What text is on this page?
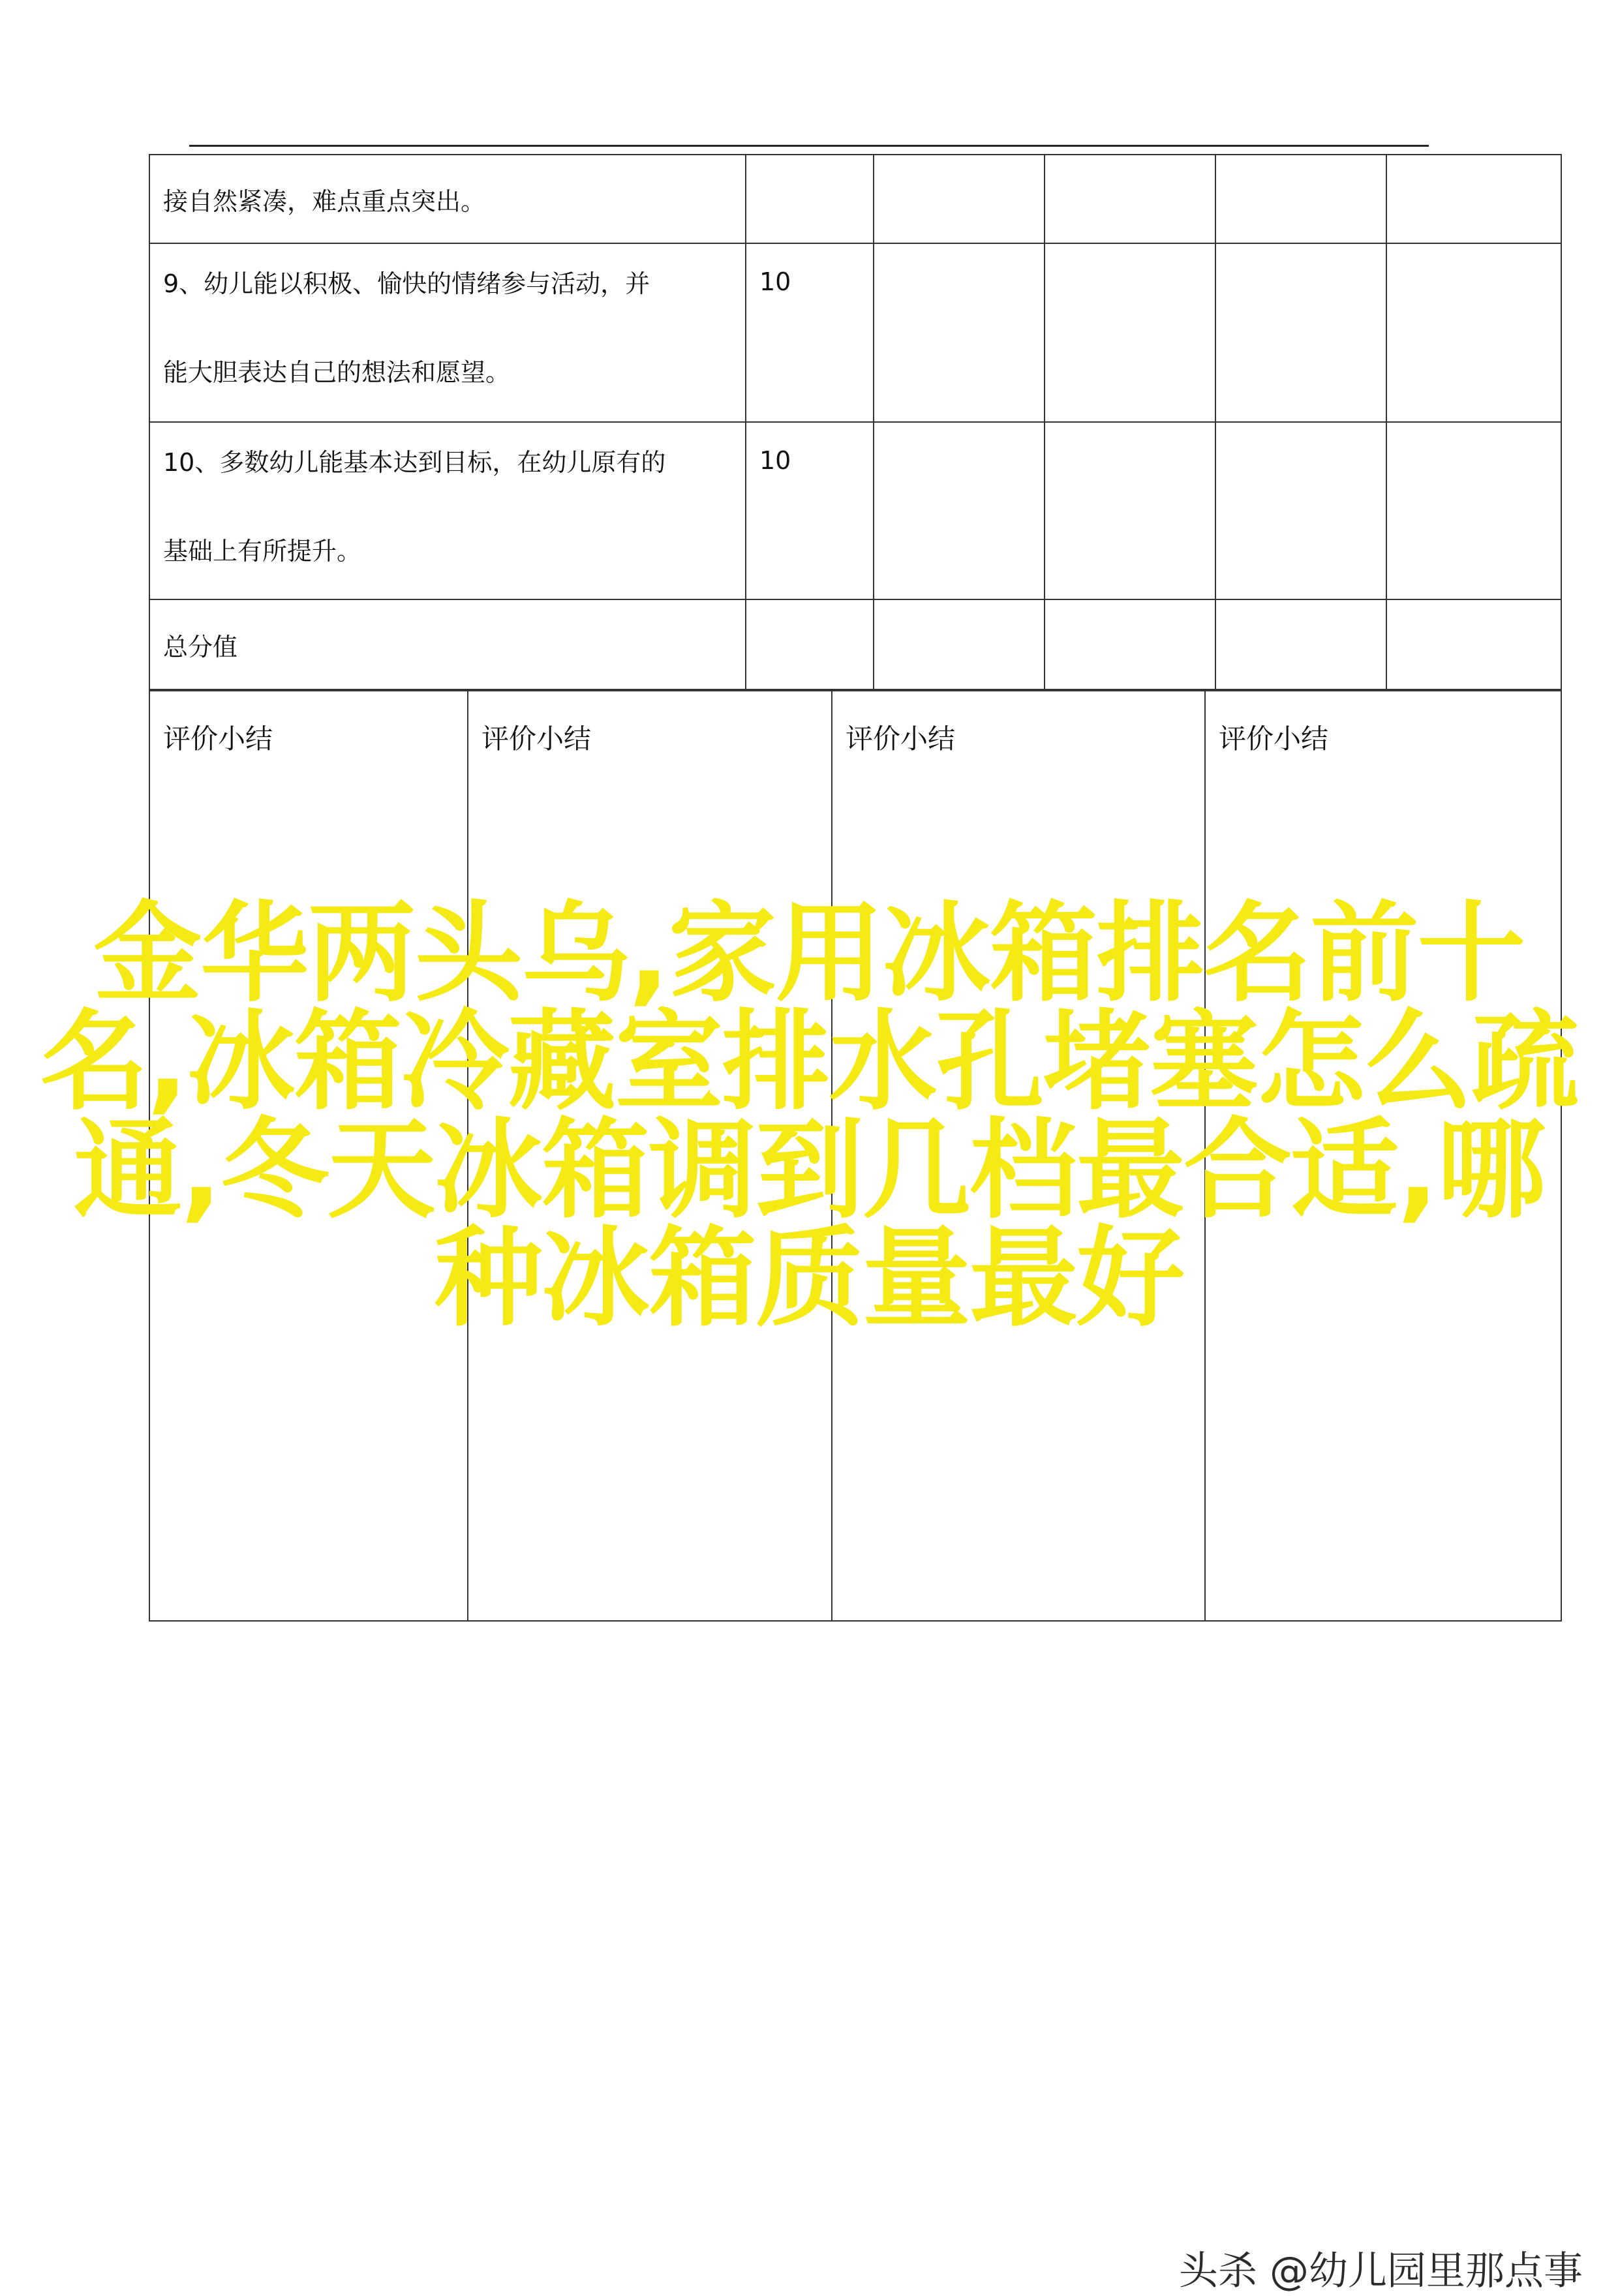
接自然紧凑，难点重点突出。					

9、幼儿能以积极、愉快的情绪参与活动，并
能大胆表达自己的想法和愿望。	10				

10、多数幼儿能基本达到目标，在幼儿原有的
基础上有所提升。	10				
总分值					
评价小结	评价小结	评价小结	评价小结
金华两头乌,家用冰箱排名前十名,冰箱冷藏室排水孔堵塞怎么疏通,冬天冰箱调到几档最合适,哪种冰箱质量最好
头杀 @幼儿园里那点事
